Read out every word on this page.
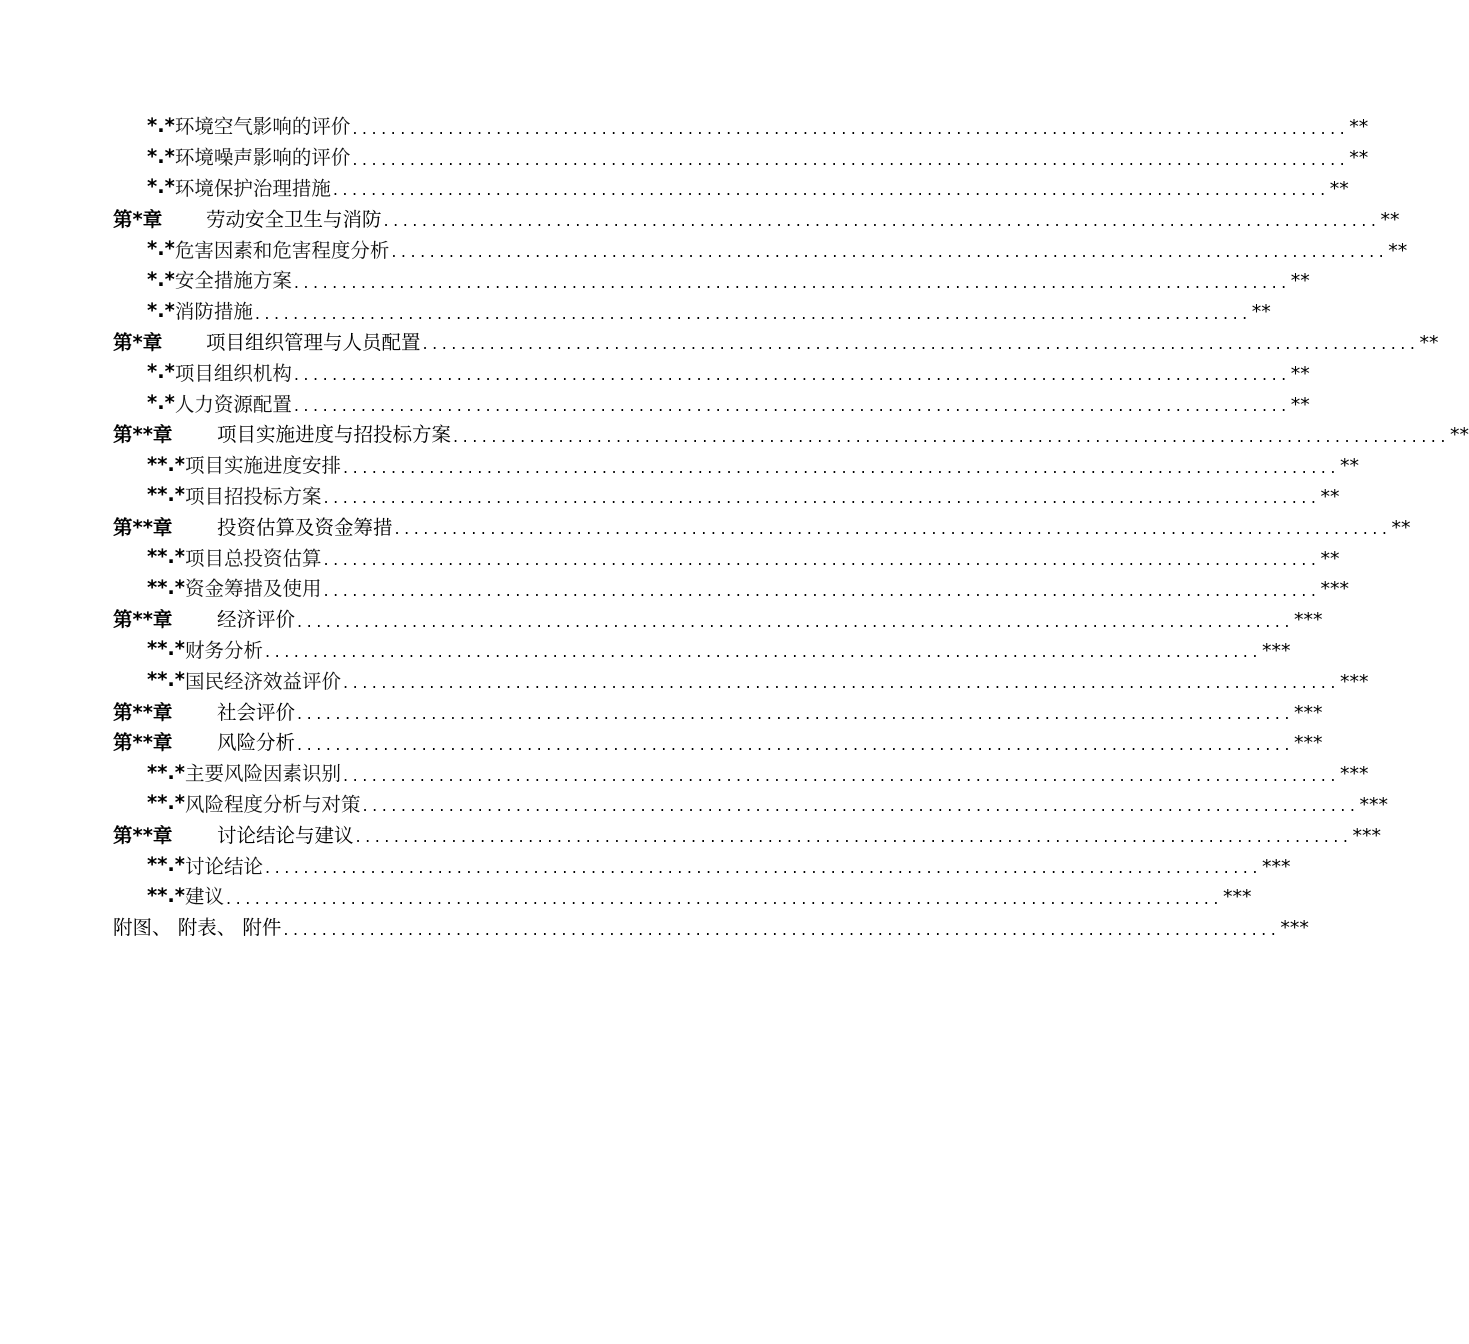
*.* 环境空气影响的评价 ........................................................................................................ **
*.* 环境噪声影响的评价 ........................................................................................................ **
*.* 环境保护治理措施 ........................................................................................................ **
第*章	劳动安全卫生与消防 ........................................................................................................ **
*.* 危害因素和危害程度分析 ........................................................................................................ **
*.* 安全措施方案 ........................................................................................................ **
*.* 消防措施 ........................................................................................................ **
第*章	项目组织管理与人员配置 ........................................................................................................ **
*.* 项目组织机构 ........................................................................................................ **
*.* 人力资源配置 ........................................................................................................ **
第**章	项目实施进度与招投标方案 ........................................................................................................ **
**.* 项目实施进度安排 ........................................................................................................ **
**.* 项目招投标方案 ........................................................................................................ **
第**章	投资估算及资金筹措 ........................................................................................................ **
**.* 项目总投资估算 ........................................................................................................ **
**.* 资金筹措及使用 ........................................................................................................ ***
第**章	经济评价 ........................................................................................................ ***
**.* 财务分析 ........................................................................................................ ***
**.* 国民经济效益评价 ........................................................................................................ ***
第**章	社会评价 ........................................................................................................ ***
第**章	风险分析 ........................................................................................................ ***
**.* 主要风险因素识别 ........................................................................................................ ***
**.* 风险程度分析与对策 ........................................................................................................ ***
第**章	讨论结论与建议 ........................................................................................................ ***
**.* 讨论结论 ........................................................................................................ ***
**.* 建议 ........................................................................................................ ***
附图、 附表、 附件 ........................................................................................................ ***
